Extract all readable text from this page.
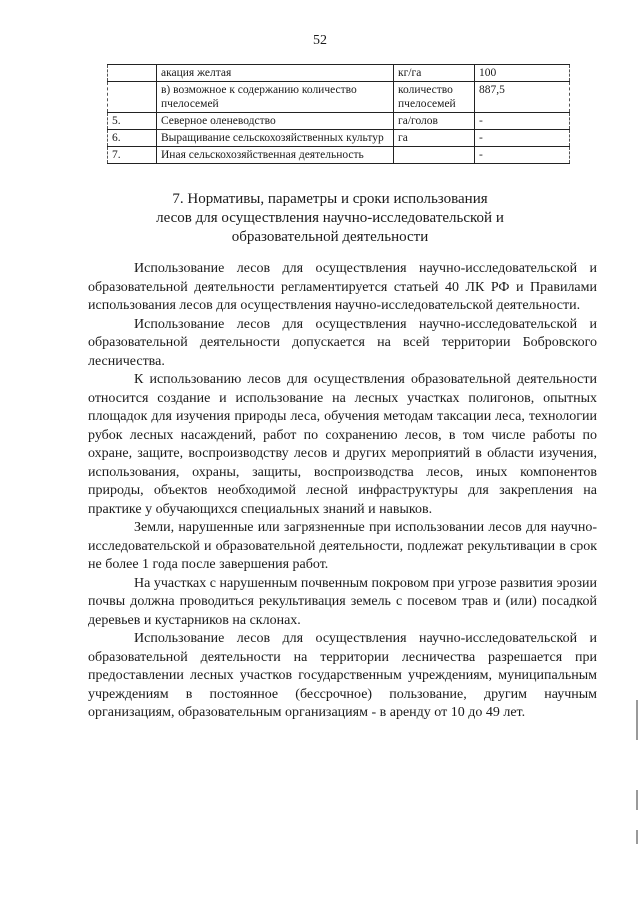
52
	акация желтая	кг/га	100
	в) возможное к содержанию количество пчелосемей	количество пчелосемей	887,5
5.	Северное оленеводство	га/голов	-
6.	Выращивание сельскохозяйственных культур	га	-
7.	Иная сельскохозяйственная деятельность		-
7. Нормативы, параметры и сроки использования
лесов для осуществления научно-исследовательской и
образовательной деятельности

Использование лесов для осуществления научно-исследовательской и образовательной деятельности регламентируется статьей 40 ЛК РФ и Правилами использования лесов для осуществления научно-исследовательской деятельности.

Использование лесов для осуществления научно-исследовательской и образовательной деятельности допускается на всей территории Бобровского лесничества.

К использованию лесов для осуществления образовательной деятельности относится создание и использование на лесных участках полигонов, опытных площадок для изучения природы леса, обучения методам таксации леса, технологии рубок лесных насаждений, работ по сохранению лесов, в том числе работы по охране, защите, воспроизводству лесов и других мероприятий в области изучения, использования, охраны, защиты, воспроизводства лесов, иных компонентов природы, объектов необходимой лесной инфраструктуры для закрепления на практике у обучающихся специальных знаний и навыков.

Земли, нарушенные или загрязненные при использовании лесов для научно-исследовательской и образовательной деятельности, подлежат рекультивации в срок не более 1 года после завершения работ.

На участках с нарушенным почвенным покровом при угрозе развития эрозии почвы должна проводиться рекультивация земель с посевом трав и (или) посадкой деревьев и кустарников на склонах.

Использование лесов для осуществления научно-исследовательской и образовательной деятельности на территории лесничества разрешается при предоставлении лесных участков государственным учреждениям, муниципальным учреждениям в постоянное (бессрочное) пользование, другим научным организациям, образовательным организациям - в аренду от 10 до 49 лет.
